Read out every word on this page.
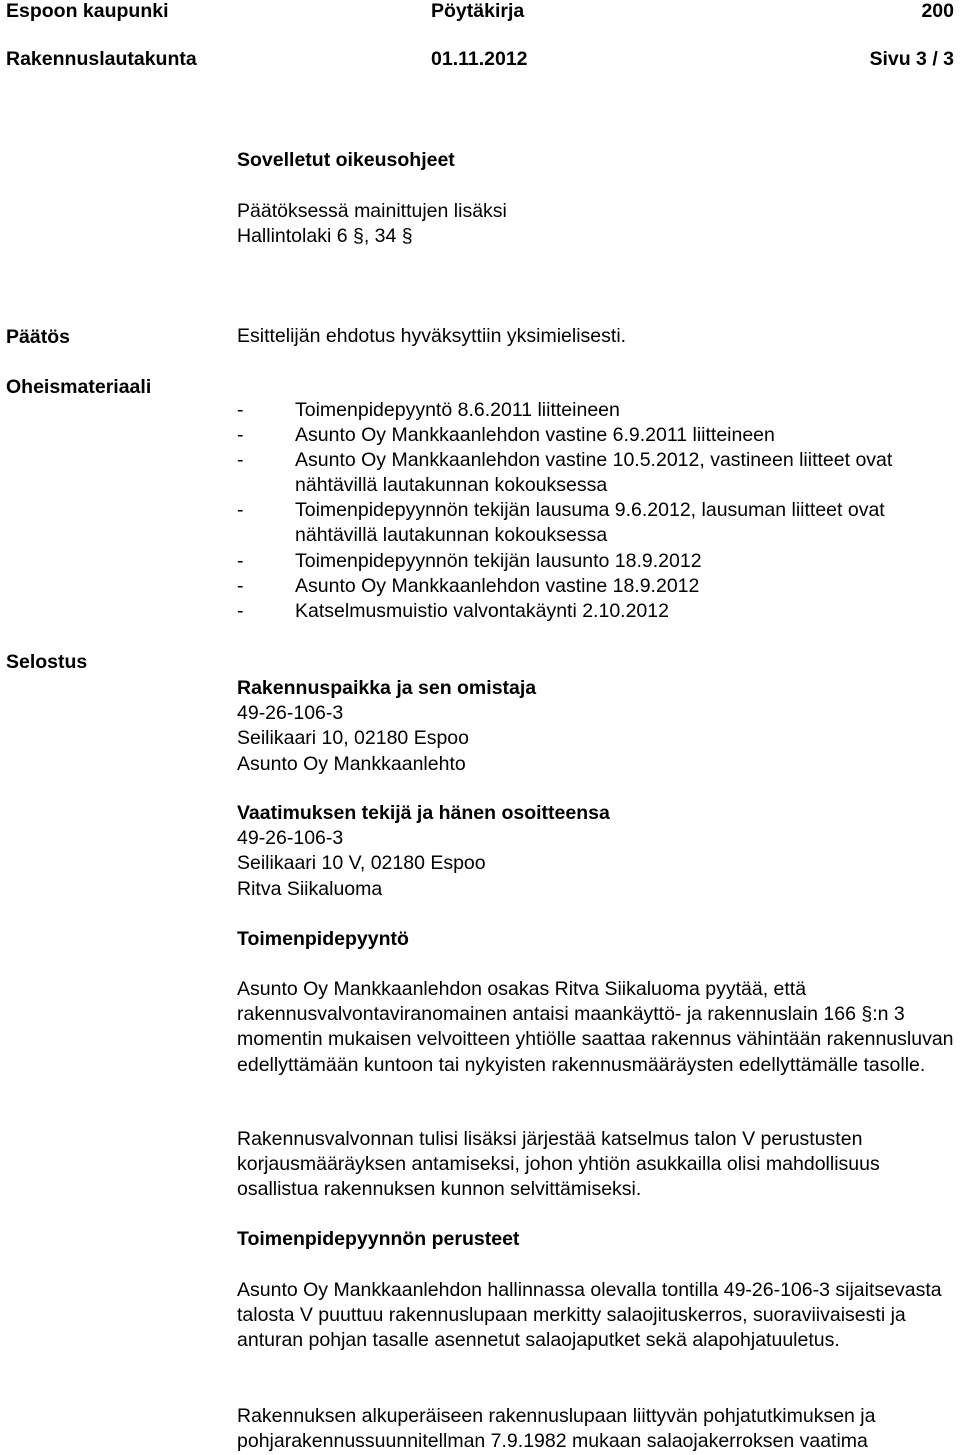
Espoon kaupunki	Pöytäkirja	200
Rakennuslautakunta	01.11.2012	Sivu 3 / 3
Sovelletut oikeusohjeet

Päätöksessä mainittujen lisäksi

Hallintolaki 6 §, 34 §

Päätös	Esittelijän ehdotus hyväksyttiin yksimielisesti.
Oheismateriaali
-	Toimenpidepyyntö 8.6.2011 liitteineen
-	Asunto Oy Mankkaanlehdon vastine 6.9.2011 liitteineen
-	Asunto Oy Mankkaanlehdon vastine 10.5.2012, vastineen liitteet ovat nähtävillä lautakunnan kokouksessa
-	Toimenpidepyynnön tekijän lausuma 9.6.2012, lausuman liitteet ovat nähtävillä lautakunnan kokouksessa
-	Toimenpidepyynnön tekijän lausunto 18.9.2012
-	Asunto Oy Mankkaanlehdon vastine 18.9.2012
-	Katselmusmuistio valvontakäynti 2.10.2012
Selostus

Rakennuspaikka ja sen omistaja

49-26-106-3

Seilikaari 10, 02180 Espoo

Asunto Oy Mankkaanlehto

Vaatimuksen tekijä ja hänen osoitteensa

49-26-106-3

Seilikaari 10 V, 02180 Espoo

Ritva Siikaluoma

Toimenpidepyyntö
Asunto Oy Mankkaanlehdon osakas Ritva Siikaluoma pyytää, että rakennusvalvontaviranomainen antaisi maankäyttö- ja rakennuslain 166 §:n 3 momentin mukaisen velvoitteen yhtiölle saattaa rakennus vähintään rakennusluvan edellyttämään kuntoon tai nykyisten rakennusmääräysten edellyttämälle tasolle.
Rakennusvalvonnan tulisi lisäksi järjestää katselmus talon V perustusten korjausmääräyksen antamiseksi, johon yhtiön asukkailla olisi mahdollisuus osallistua rakennuksen kunnon selvittämiseksi.
Toimenpidepyynnön perusteet
Asunto Oy Mankkaanlehdon hallinnassa olevalla tontilla 49-26-106-3 sijaitsevasta talosta V puuttuu rakennuslupaan merkitty salaojituskerros, suoraviivaisesti ja anturan pohjan tasalle asennetut salaojaputket sekä alapohjatuuletus.
Rakennuksen alkuperäiseen rakennuslupaan liittyvän pohjatutkimuksen ja pohjarakennussuunnitellman 7.9.1982 mukaan salaojakerroksen vaatima
